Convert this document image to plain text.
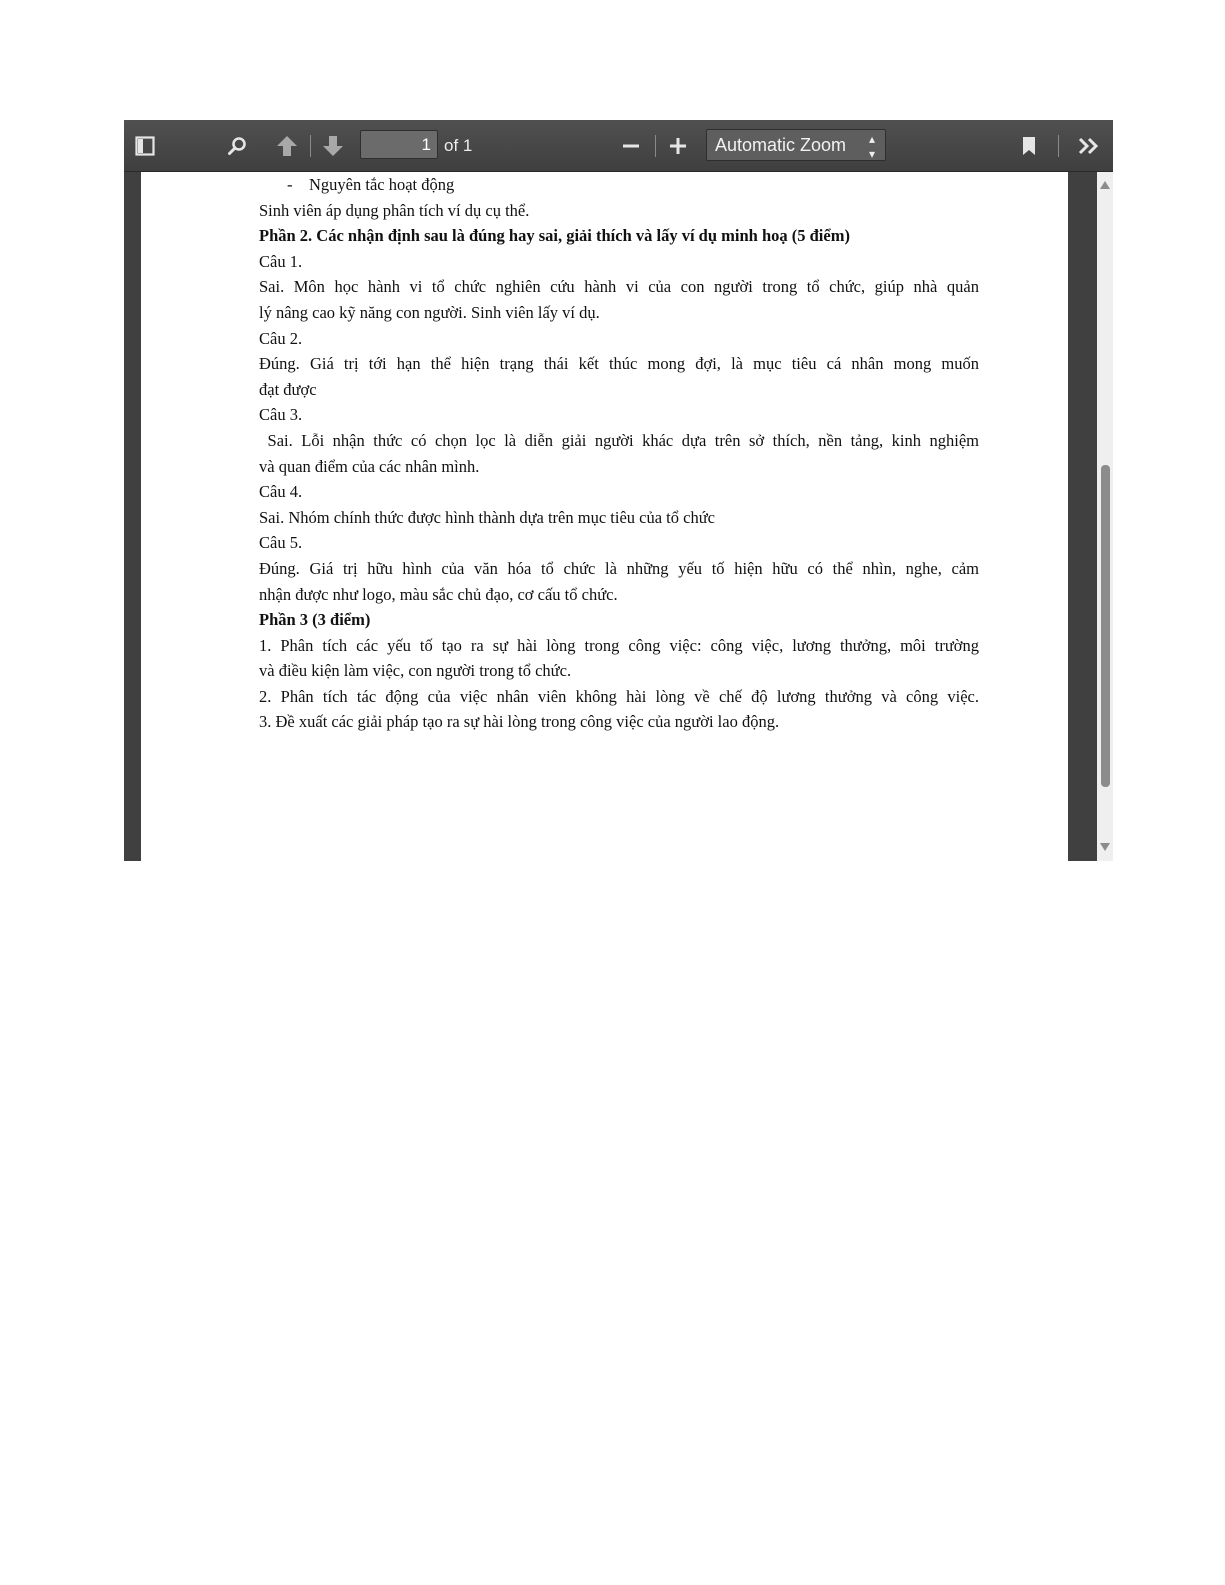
1
of 1	Automatic Zoom ▴
▾
- Nguyên tắc hoạt động
Sinh viên áp dụng phân tích ví dụ cụ thể.
Phần 2. Các nhận định sau là đúng hay sai, giải thích và lấy ví dụ minh hoạ (5 điểm)
Câu 1.
Sai. Môn học hành vi tổ chức nghiên cứu hành vi của con người trong tổ chức, giúp nhà quản
lý nâng cao kỹ năng con người. Sinh viên lấy ví dụ.
Câu 2.
Đúng. Giá trị tới hạn thể hiện trạng thái kết thúc mong đợi, là mục tiêu cá nhân mong muốn
đạt được
Câu 3.
Sai. Lỗi nhận thức có chọn lọc là diễn giải người khác dựa trên sở thích, nền tảng, kinh nghiệm
và quan điểm của các nhân mình.
Câu 4.
Sai. Nhóm chính thức được hình thành dựa trên mục tiêu của tổ chức
Câu 5.
Đúng. Giá trị hữu hình của văn hóa tổ chức là những yếu tố hiện hữu có thể nhìn, nghe, cảm
nhận được như logo, màu sắc chủ đạo, cơ cấu tổ chức.
Phần 3 (3 điểm)
1. Phân tích các yếu tố tạo ra sự hài lòng trong công việc: công việc, lương thưởng, môi trường
và điều kiện làm việc, con người trong tổ chức.
2. Phân tích tác động của việc nhân viên không hài lòng về chế độ lương thưởng và công việc.
3. Đề xuất các giải pháp tạo ra sự hài lòng trong công việc của người lao động.
